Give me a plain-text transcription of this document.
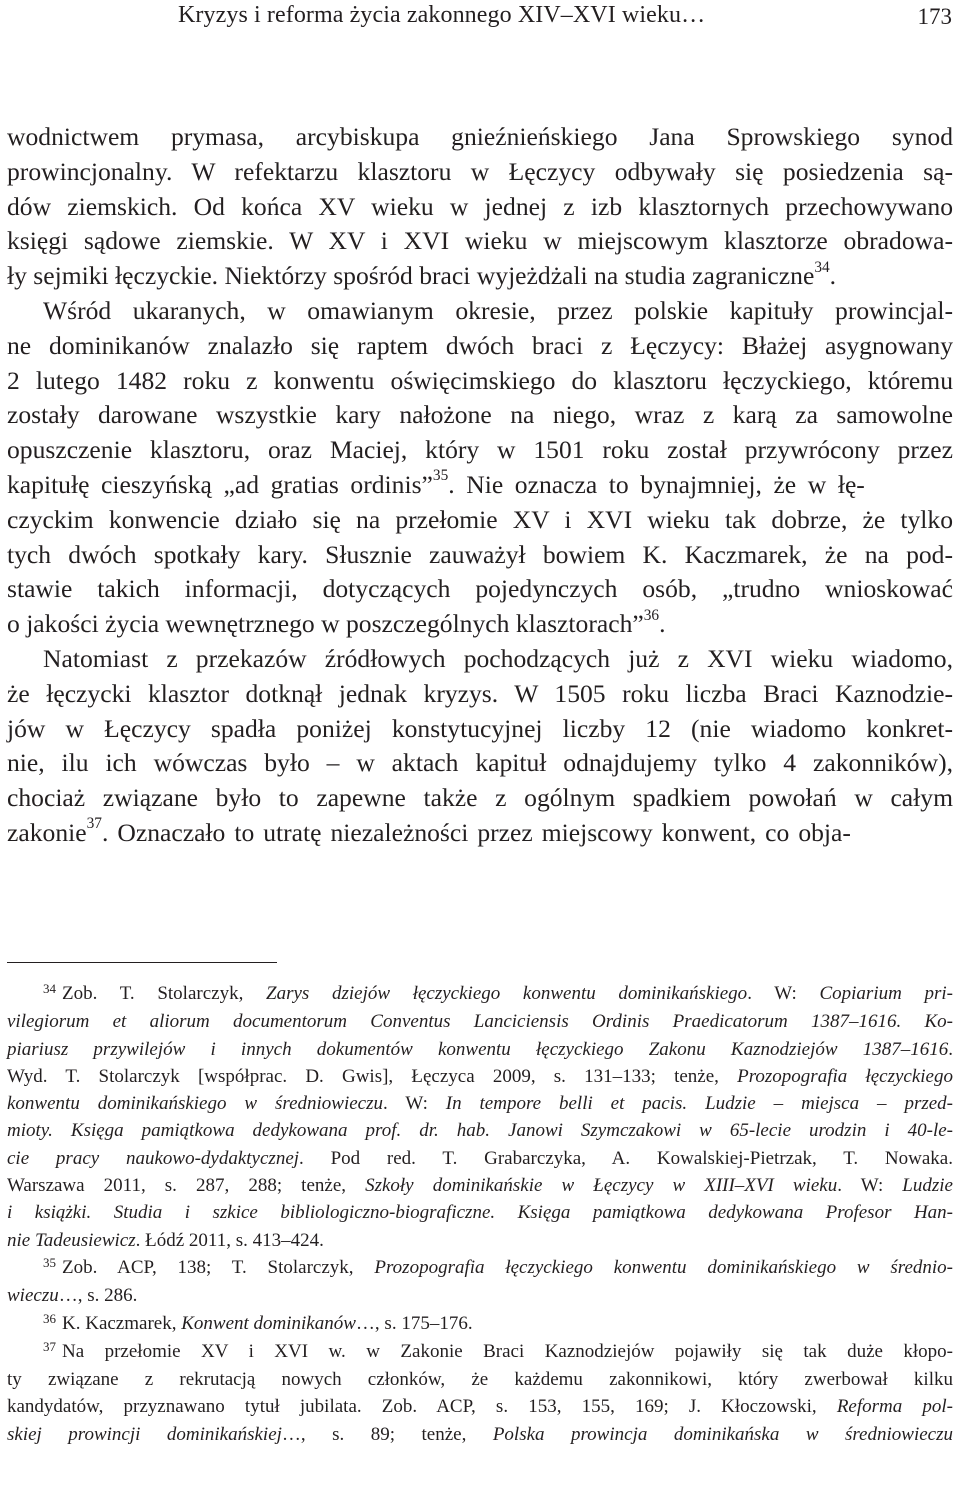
Kryzys i reforma życia zakonnego XIV–XVI wieku…	173
wodnictwem prymasa, arcybiskupa gnieźnieńskiego Jana Sprowskiego synod
prowincjonalny. W refektarzu klasztoru w Łęczycy odbywały się posiedzenia są-
dów ziemskich. Od końca XV wieku w jednej z izb klasztornych przechowywano
księgi sądowe ziemskie. W XV i XVI wieku w miejscowym klasztorze obradowa-
ły sejmiki łęczyckie. Niektórzy spośród braci wyjeżdżali na studia zagraniczne$^{34}$.
Wśród ukaranych, w omawianym okresie, przez polskie kapituły prowincjal-
ne dominikanów znalazło się raptem dwóch braci z Łęczycy: Błażej asygnowany
2 lutego 1482 roku z konwentu oświęcimskiego do klasztoru łęczyckiego, któremu
zostały darowane wszystkie kary nałożone na niego, wraz z karą za samowolne
opuszczenie klasztoru, oraz Maciej, który w 1501 roku został przywrócony przez
kapitułę cieszyńską „ad gratias ordinis”$^{35}$. Nie oznacza to bynajmniej, że w łę-
czyckim konwencie działo się na przełomie XV i XVI wieku tak dobrze, że tylko
tych dwóch spotkały kary. Słusznie zauważył bowiem K. Kaczmarek, że na pod-
stawie takich informacji, dotyczących pojedynczych osób, „trudno wnioskować
o jakości życia wewnętrznego w poszczególnych klasztorach”$^{36}$.
Natomiast z przekazów źródłowych pochodzących już z XVI wieku wiadomo,
że łęczycki klasztor dotknął jednak kryzys. W 1505 roku liczba Braci Kaznodzie-
jów w Łęczycy spadła poniżej konstytucyjnej liczby 12 (nie wiadomo konkret-
nie, ilu ich wówczas było – w aktach kapituł odnajdujemy tylko 4 zakonników),
chociaż związane było to zapewne także z ogólnym spadkiem powołań w całym
zakonie$^{37}$. Oznaczało to utratę niezależności przez miejscowy konwent, co obja-
$^{34}$ Zob. T. Stolarczyk, Zarys dziejów łęczyckiego konwentu dominikańskiego. W: Copiarium pri-
vilegiorum et aliorum documentorum Conventus Lanciciensis Ordinis Praedicatorum 1387–1616. Ko-
piariusz przywilejów i innych dokumentów konwentu łęczyckiego Zakonu Kaznodziejów 1387–1616.
Wyd. T. Stolarczyk [współprac. D. Gwis], Łęczyca 2009, s. 131–133; tenże, Prozopografia łęczyckiego
konwentu dominikańskiego w średniowieczu. W: In tempore belli et pacis. Ludzie – miejsca – przed-
mioty. Księga pamiątkowa dedykowana prof. dr. hab. Janowi Szymczakowi w 65-lecie urodzin i 40-le-
cie pracy naukowo-dydaktycznej. Pod red. T. Grabarczyka, A. Kowalskiej-Pietrzak, T. Nowaka.
Warszawa 2011, s. 287, 288; tenże, Szkoły dominikańskie w Łęczycy w XIII–XVI wieku. W: Ludzie
i książki. Studia i szkice bibliologiczno-biograficzne. Księga pamiątkowa dedykowana Profesor Han-
nie Tadeusiewicz. Łódź 2011, s. 413–424.
$^{35}$ Zob. ACP, 138; T. Stolarczyk, Prozopografia łęczyckiego konwentu dominikańskiego w średnio-
wieczu…, s. 286.
$^{36}$ K. Kaczmarek, Konwent dominikanów…, s. 175–176.
$^{37}$ Na przełomie XV i XVI w. w Zakonie Braci Kaznodziejów pojawiły się tak duże kłopo-
ty związane z rekrutacją nowych członków, że każdemu zakonnikowi, który zwerbował kilku
kandydatów, przyznawano tytuł jubilata. Zob. ACP, s. 153, 155, 169; J. Kłoczowski, Reforma pol-
skiej prowincji dominikańskiej…, s. 89; tenże, Polska prowincja dominikańska w średniowieczu
